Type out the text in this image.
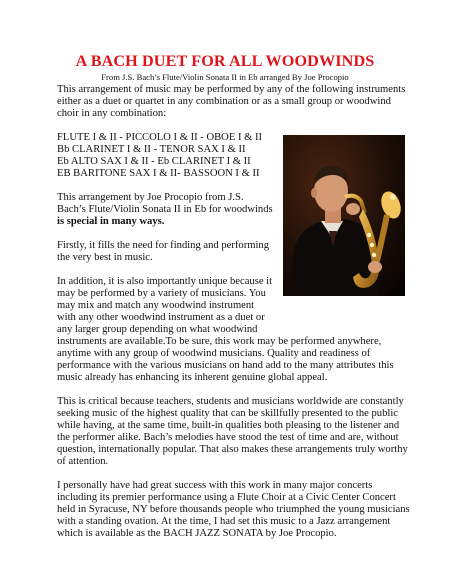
A BACH DUET FOR ALL WOODWINDS
From J.S. Bach’s Flute/Violin Sonata II in Eb arranged By Joe Procopio
This arrangement of music may be performed by any of the following instruments
either as a duet or quartet in any combination or as a small group or woodwind
choir in any combination:
FLUTE I & II - PICCOLO I & II - OBOE I & II
Bb CLARINET I & II - TENOR SAX I & II
Eb ALTO SAX I & II - Eb CLARINET I & II
EB BARITONE SAX I & II- BASSOON I & II
This arrangement by Joe Procopio from J.S.
Bach’s Flute/Violin Sonata II in Eb for woodwinds
is special in many ways.
Firstly, it fills the need for finding and performing
the very best in music.
In addition, it is also importantly unique because it
may be performed by a variety of musicians. You
may mix and match any woodwind instrument
with any other woodwind instrument as a duet or
any larger group depending on what woodwind
instruments are available.To be sure, this work may be performed anywhere,
anytime with any group of woodwind musicians. Quality and readiness of
performance with the various musicians on hand add to the many attributes this
music already has enhancing its inherent genuine global appeal.
This is critical because teachers, students and musicians worldwide are constantly
seeking music of the highest quality that can be skillfully presented to the public
while having, at the same time, built-in qualities both pleasing to the listener and
the performer alike. Bach’s melodies have stood the test of time and are, without
question, internationally popular. That also makes these arrangements truly worthy
of attention.
I personally have had great success with this work in many major concerts
including its premier performance using a Flute Choir at a Civic Center Concert
held in Syracuse, NY before thousands people who triumphed the young musicians
with a standing ovation. At the time, I had set this music to a Jazz arrangement
which is available as the BACH JAZZ SONATA by Joe Procopio.
